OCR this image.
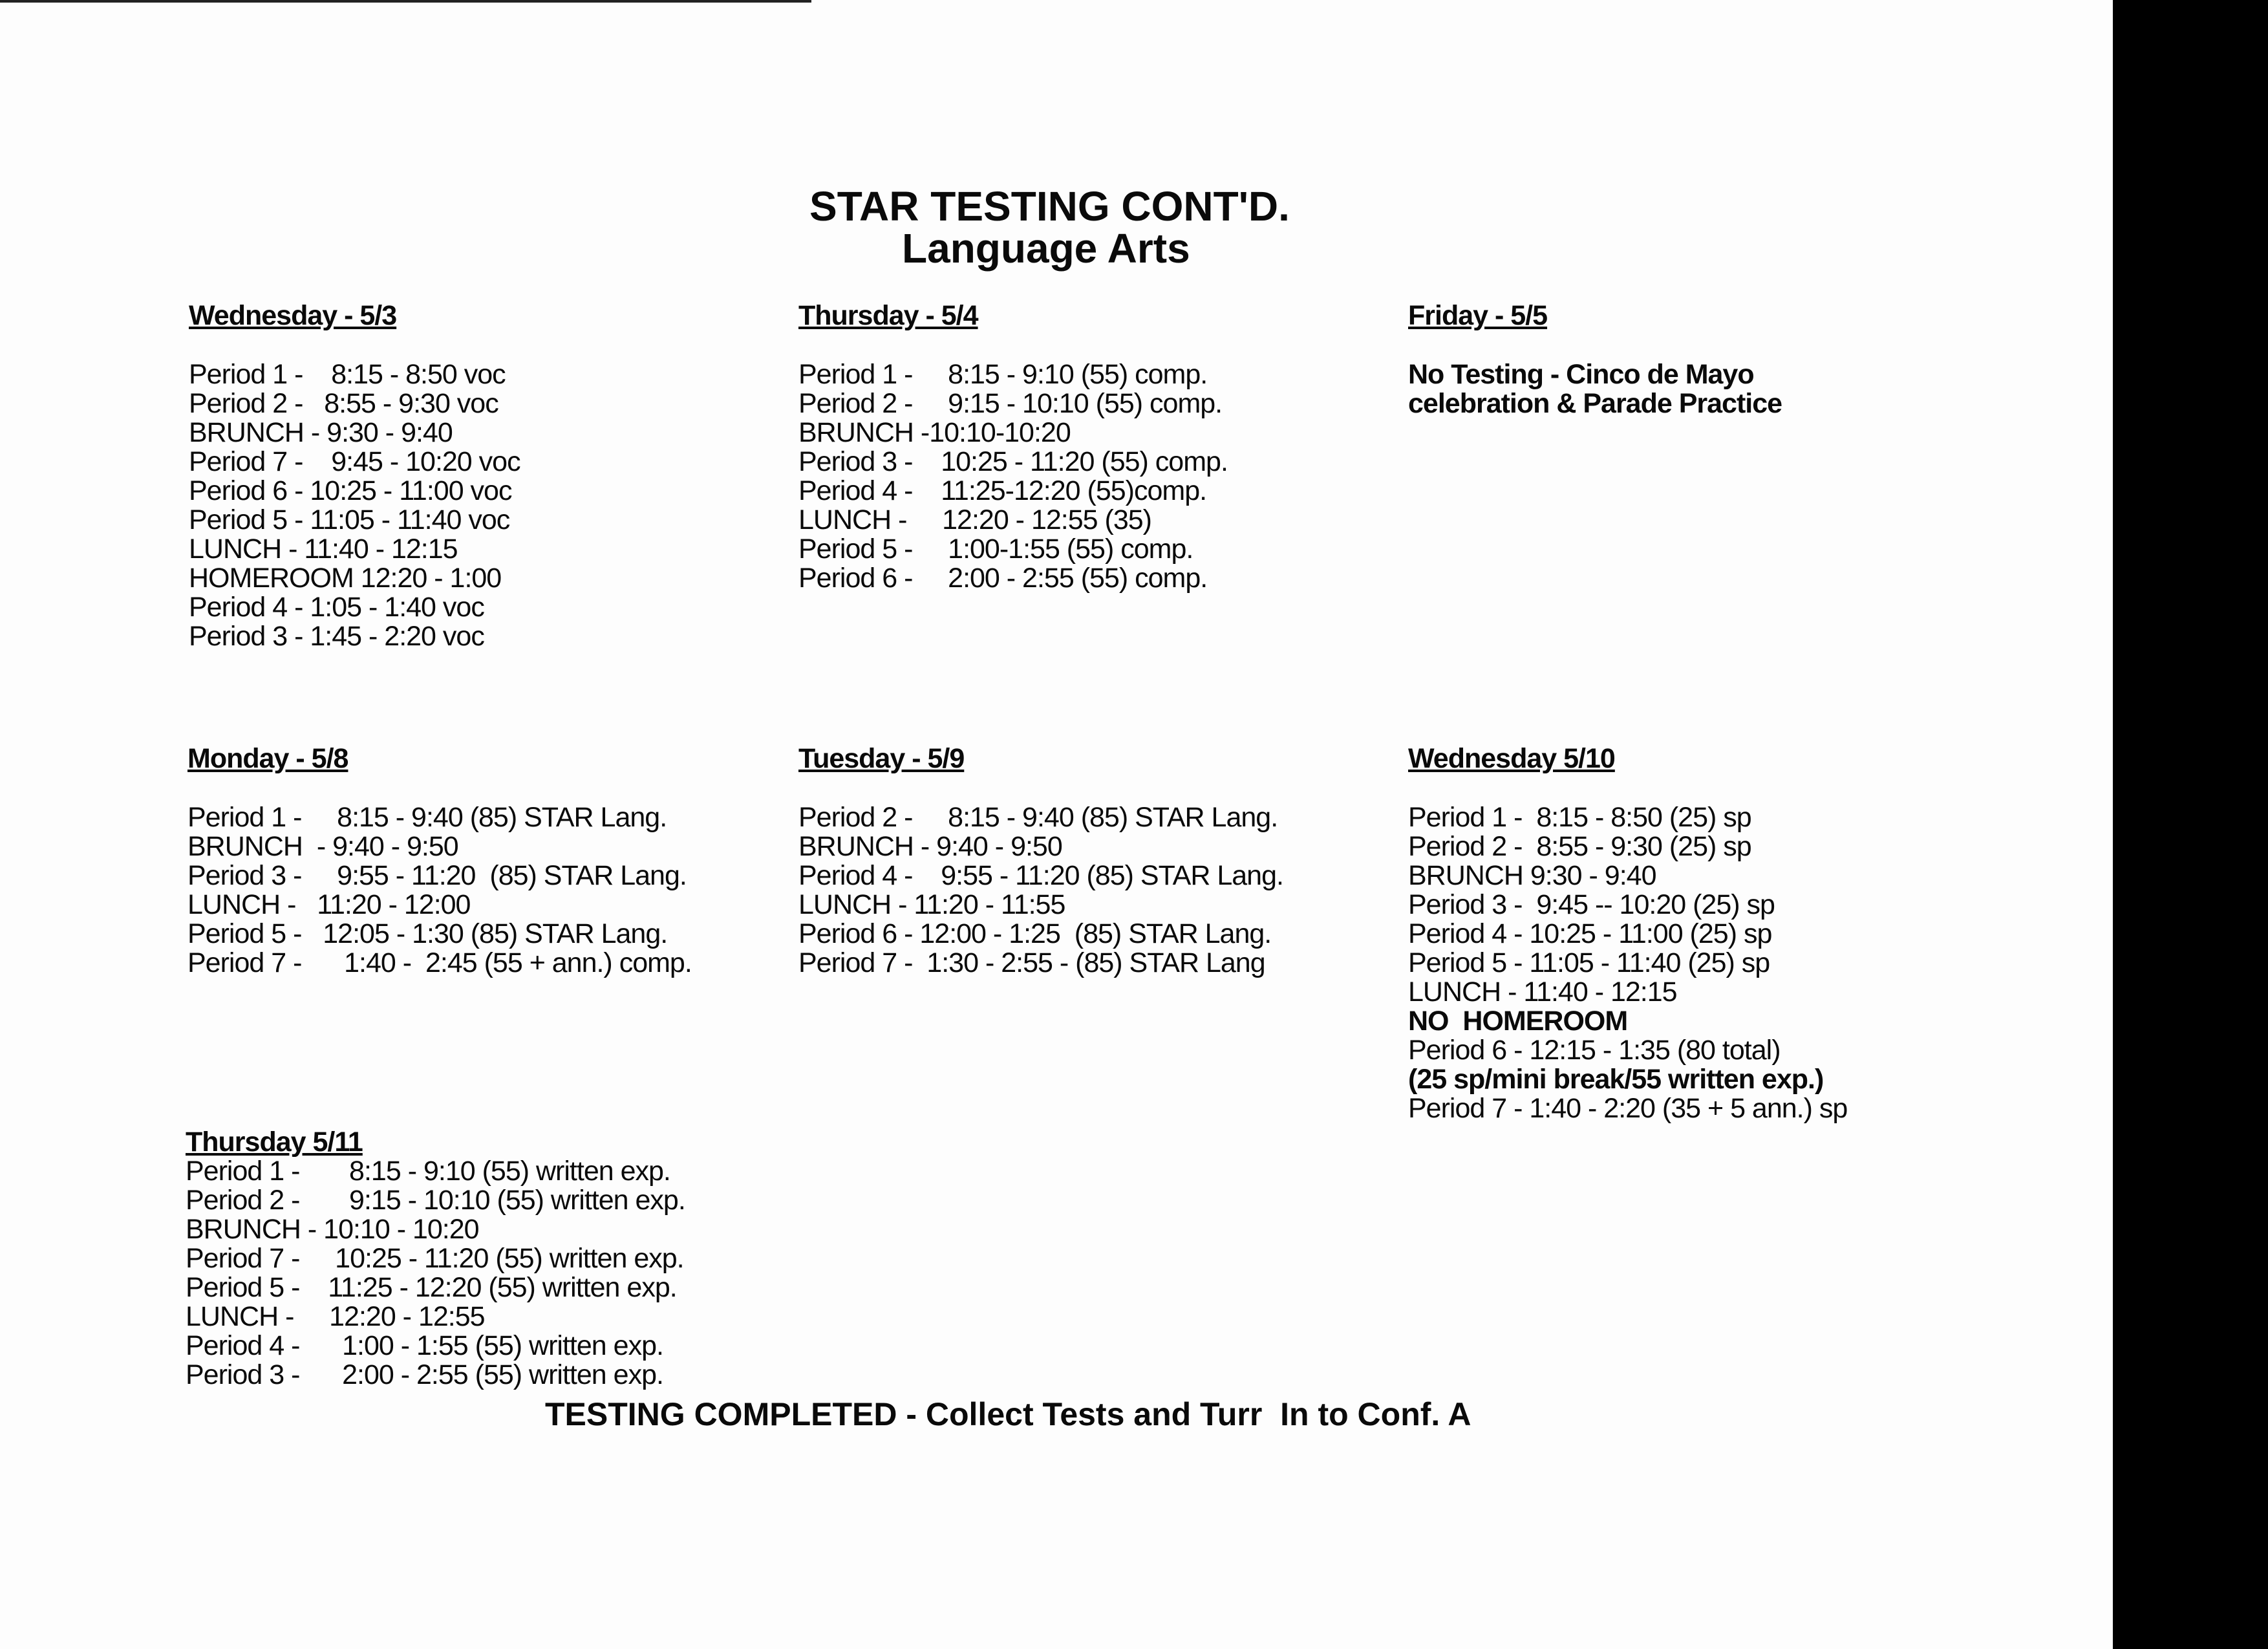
STAR TESTING CONT'D.
Language Arts
Wednesday - 5/3
Period 1 -    8:15 - 8:50 voc
Period 2 -   8:55 - 9:30 voc
BRUNCH - 9:30 - 9:40
Period 7 -    9:45 - 10:20 voc
Period 6 - 10:25 - 11:00 voc
Period 5 - 11:05 - 11:40 voc
LUNCH - 11:40 - 12:15
HOMEROOM 12:20 - 1:00
Period 4 - 1:05 - 1:40 voc
Period 3 - 1:45 - 2:20 voc
Thursday - 5/4
Period 1 -     8:15 - 9:10 (55) comp.
Period 2 -     9:15 - 10:10 (55) comp.
BRUNCH -10:10-10:20
Period 3 -    10:25 - 11:20 (55) comp.
Period 4 -    11:25-12:20 (55)comp.
LUNCH -     12:20 - 12:55 (35)
Period 5 -     1:00-1:55 (55) comp.
Period 6 -     2:00 - 2:55 (55) comp.
Friday - 5/5
No Testing - Cinco de Mayo
celebration & Parade Practice
Monday - 5/8
Period 1 -     8:15 - 9:40 (85) STAR Lang.
BRUNCH  - 9:40 - 9:50
Period 3 -     9:55 - 11:20  (85) STAR Lang.
LUNCH -   11:20 - 12:00
Period 5 -   12:05 - 1:30 (85) STAR Lang.
Period 7 -      1:40 -  2:45 (55 + ann.) comp.
Tuesday - 5/9
Period 2 -     8:15 - 9:40 (85) STAR Lang.
BRUNCH - 9:40 - 9:50
Period 4 -    9:55 - 11:20 (85) STAR Lang.
LUNCH - 11:20 - 11:55
Period 6 - 12:00 - 1:25  (85) STAR Lang.
Period 7 -  1:30 - 2:55 - (85) STAR Lang
Wednesday 5/10
Period 1 -  8:15 - 8:50 (25) sp
Period 2 -  8:55 - 9:30 (25) sp
BRUNCH 9:30 - 9:40
Period 3 -  9:45 -- 10:20 (25) sp
Period 4 - 10:25 - 11:00 (25) sp
Period 5 - 11:05 - 11:40 (25) sp
LUNCH - 11:40 - 12:15
NO  HOMEROOM
Period 6 - 12:15 - 1:35 (80 total)
(25 sp/mini break/55 written exp.)
Period 7 - 1:40 - 2:20 (35 + 5 ann.) sp
Thursday 5/11
Period 1 -       8:15 - 9:10 (55) written exp.
Period 2 -       9:15 - 10:10 (55) written exp.
BRUNCH - 10:10 - 10:20
Period 7 -     10:25 - 11:20 (55) written exp.
Period 5 -    11:25 - 12:20 (55) written exp.
LUNCH -     12:20 - 12:55
Period 4 -      1:00 - 1:55 (55) written exp.
Period 3 -      2:00 - 2:55 (55) written exp.
TESTING COMPLETED - Collect Tests and Turr  In to Conf. A
